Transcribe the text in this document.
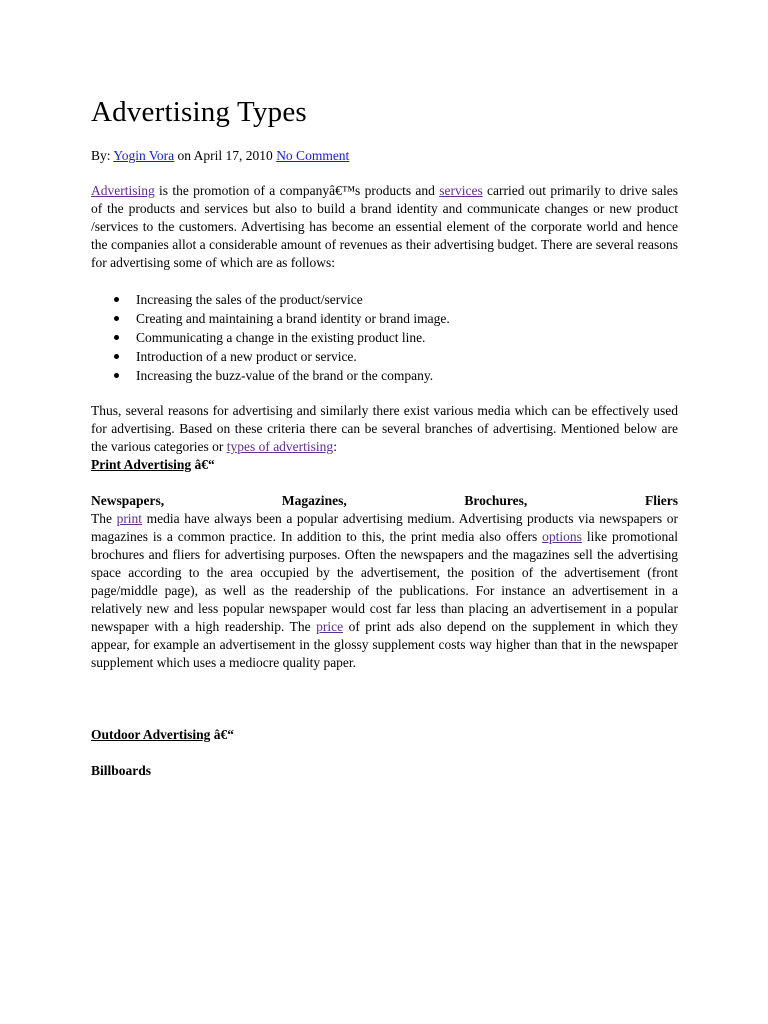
Advertising Types
By: Yogin Vora on April 17, 2010 No Comment

Advertising is the promotion of a companyâ€™s products and services carried out primarily to drive sales of the products and services but also to build a brand identity and communicate changes or new product /services to the customers. Advertising has become an essential element of the corporate world and hence the companies allot a considerable amount of revenues as their advertising budget. There are several reasons for advertising some of which are as follows:

Increasing the sales of the product/service
Creating and maintaining a brand identity or brand image.
Communicating a change in the existing product line.
Introduction of a new product or service.
Increasing the buzz-value of the brand or the company.

Thus, several reasons for advertising and similarly there exist various media which can be effectively used for advertising. Based on these criteria there can be several branches of advertising. Mentioned below are the various categories or types of advertising:

Print Advertising â€“
Newspapers,	Magazines,	Brochures,	Fliers

The print media have always been a popular advertising medium. Advertising products via newspapers or magazines is a common practice. In addition to this, the print media also offers options like promotional brochures and fliers for advertising purposes. Often the newspapers and the magazines sell the advertising space according to the area occupied by the advertisement, the position of the advertisement (front page/middle page), as well as the readership of the publications. For instance an advertisement in a relatively new and less popular newspaper would cost far less than placing an advertisement in a popular newspaper with a high readership. The price of print ads also depend on the supplement in which they appear, for example an advertisement in the glossy supplement costs way higher than that in the newspaper supplement which uses a mediocre quality paper.

Outdoor Advertising â€“
Billboards
